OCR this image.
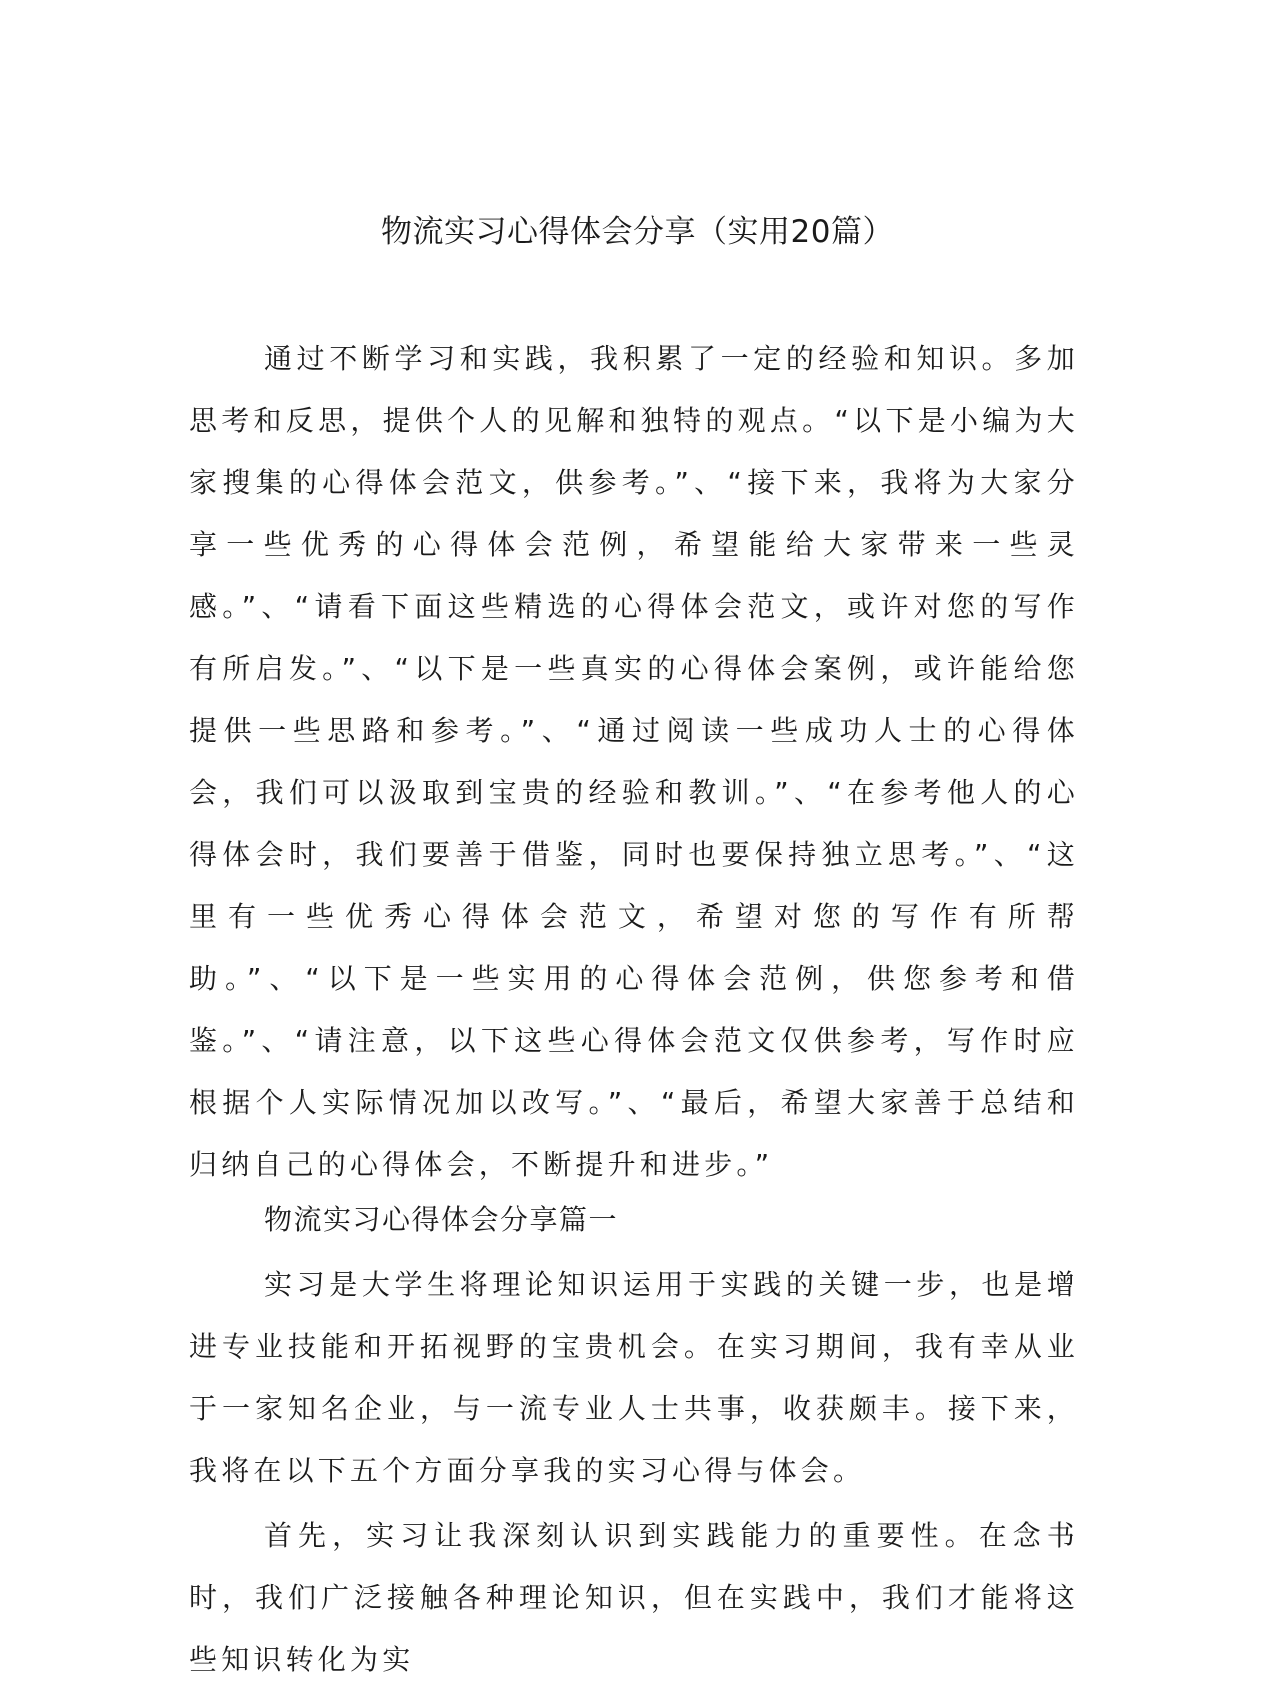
物流实习心得体会分享（实用20篇）

通过不断学习和实践，我积累了一定的经验和知识。多加思考和反思，提供个人的见解和独特的观点。“以下是小编为大家搜集的心得体会范文，供参考。”、“接下来，我将为大家分享一些优秀的心得体会范例，希望能给大家带来一些灵感。”、“请看下面这些精选的心得体会范文，或许对您的写作有所启发。”、“以下是一些真实的心得体会案例，或许能给您提供一些思路和参考。”、“通过阅读一些成功人士的心得体会，我们可以汲取到宝贵的经验和教训。”、“在参考他人的心得体会时，我们要善于借鉴，同时也要保持独立思考。”、“这里有一些优秀心得体会范文，希望对您的写作有所帮助。”、“以下是一些实用的心得体会范例，供您参考和借鉴。”、“请注意，以下这些心得体会范文仅供参考，写作时应根据个人实际情况加以改写。”、“最后，希望大家善于总结和归纳自己的心得体会，不断提升和进步。”

物流实习心得体会分享篇一

实习是大学生将理论知识运用于实践的关键一步，也是增进专业技能和开拓视野的宝贵机会。在实习期间，我有幸从业于一家知名企业，与一流专业人士共事，收获颇丰。接下来，我将在以下五个方面分享我的实习心得与体会。

首先，实习让我深刻认识到实践能力的重要性。在念书时，我们广泛接触各种理论知识，但在实践中，我们才能将这些知识转化为实
